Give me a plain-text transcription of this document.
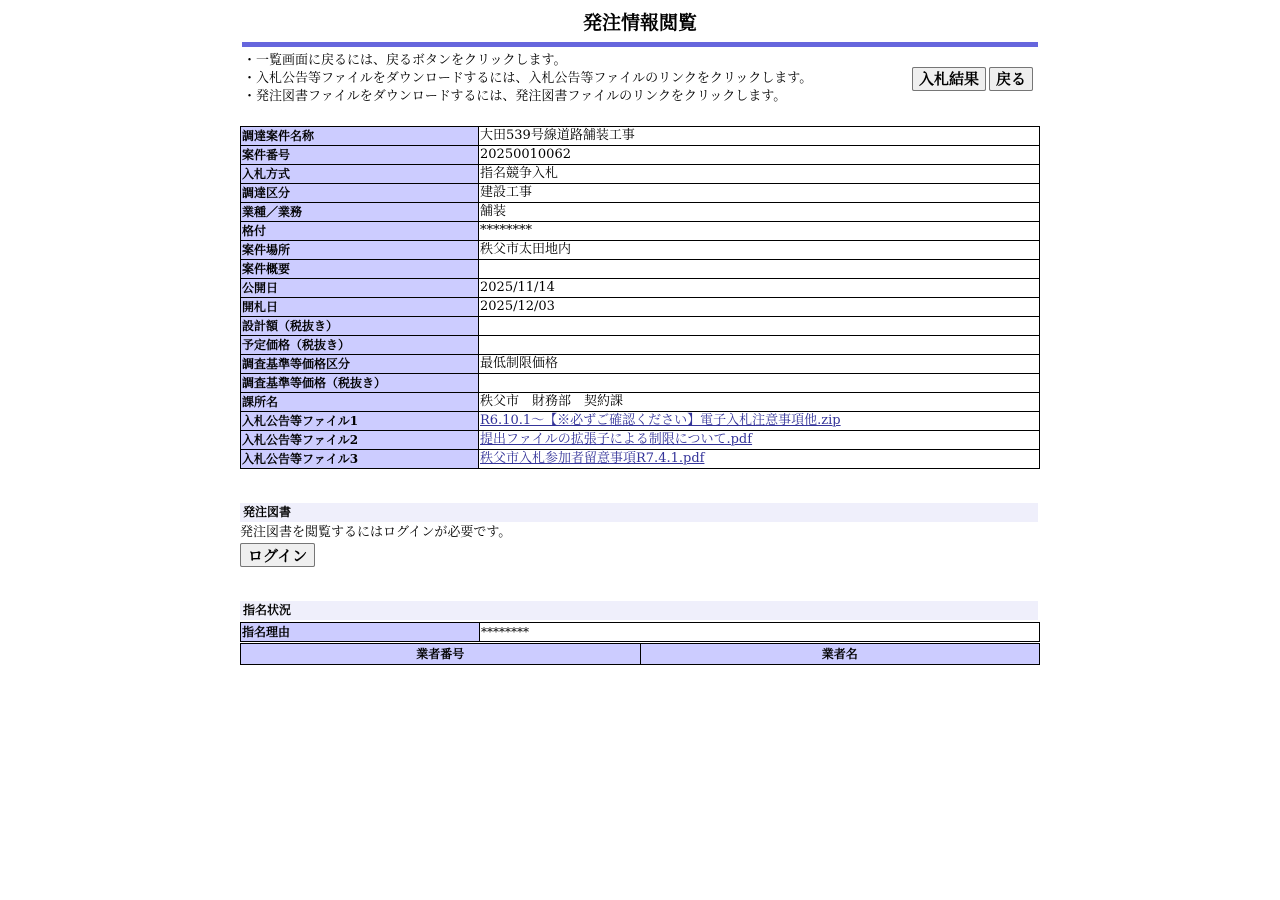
発注情報閲覧
・一覧画面に戻るには、戻るボタンをクリックします。
・入札公告等ファイルをダウンロードするには、入札公告等ファイルのリンクをクリックします。
・発注図書ファイルをダウンロードするには、発注図書ファイルのリンクをクリックします。
入札結果	戻る
調達案件名称	大田539号線道路舗装工事
案件番号	20250010062
入札方式	指名競争入札
調達区分	建設工事
業種／業務	舗装
格付	********
案件場所	秩父市太田地内
案件概要	
公開日	2025/11/14
開札日	2025/12/03
設計額（税抜き）	
予定価格（税抜き）	
調査基準等価格区分	最低制限価格
調査基準等価格（税抜き）	
課所名	秩父市　財務部　契約課
入札公告等ファイル1	R6.10.1～【※必ずご確認ください】電子入札注意事項他.zip
入札公告等ファイル2	提出ファイルの拡張子による制限について.pdf
入札公告等ファイル3	秩父市入札参加者留意事項R7.4.1.pdf
発注図書
発注図書を閲覧するにはログインが必要です。
ログイン
指名状況
指名理由	********
業者番号	業者名
